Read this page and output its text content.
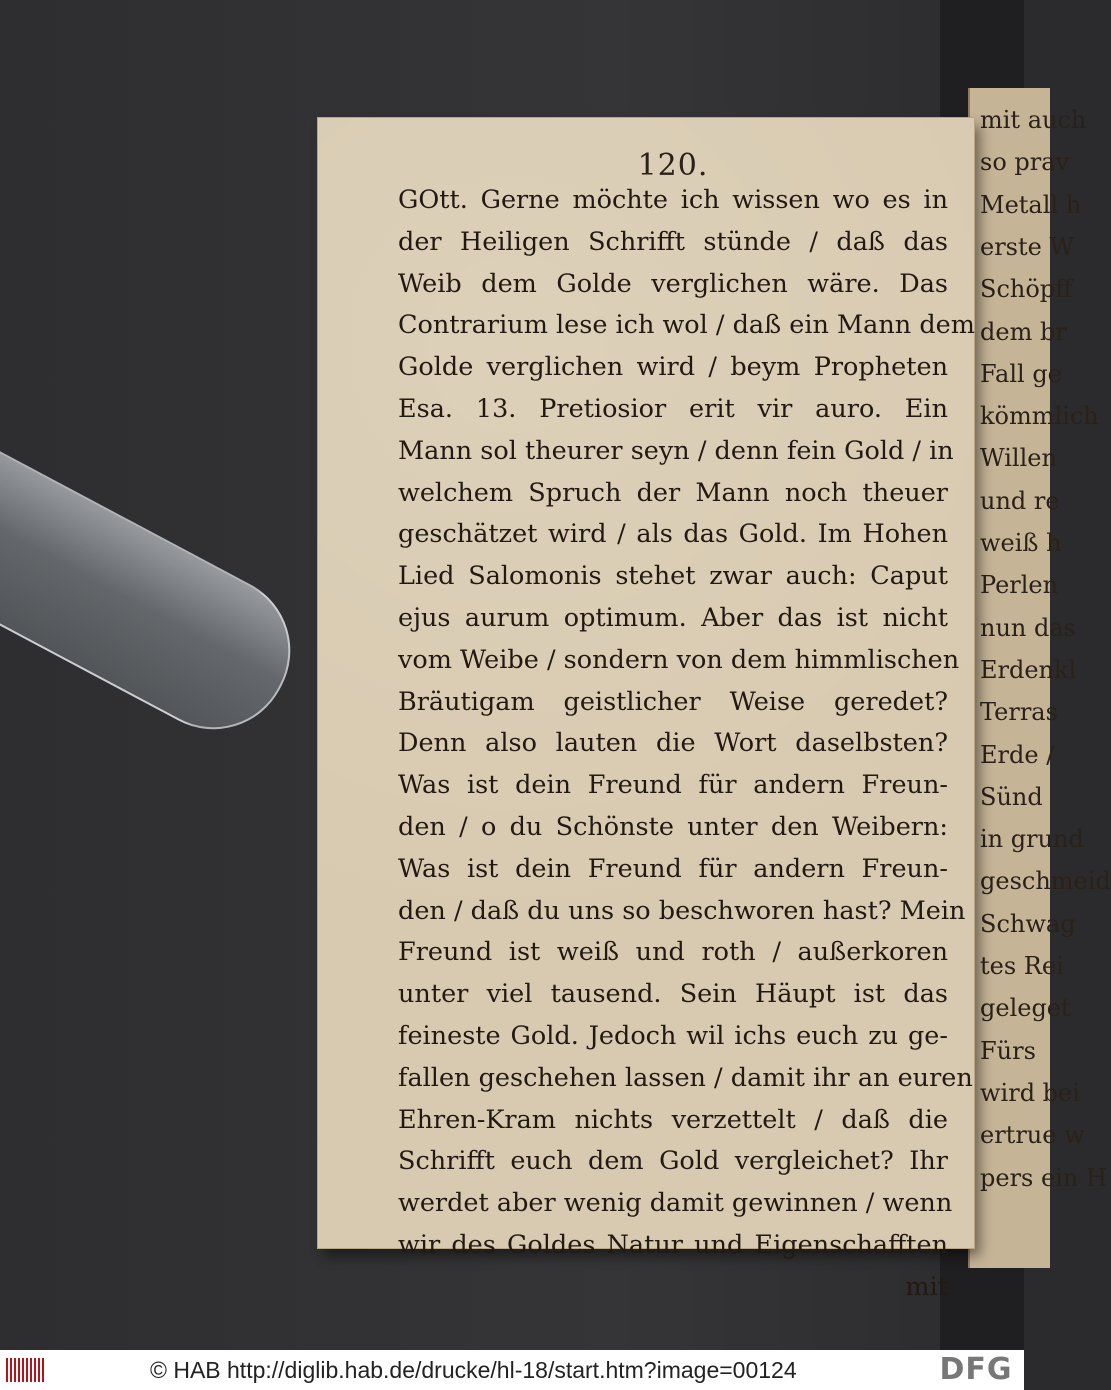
mit auch
so prav
Metall h
erste W
Schöpff
dem br
Fall ge
kömmlich
Willen
und re
weiß h
Perlen
nun das
Erdenkl
Terras
Erde /
Sünd
in grund
geschmeid
Schwag
tes Rei
geleget
Fürs
wird bei
ertrue w
pers ein H
120.
GOtt. Gerne möchte ich wissen wo es in
der Heiligen Schrifft stünde / daß das
Weib dem Golde verglichen wäre. Das
Contrarium lese ich wol / daß ein Mann dem
Golde verglichen wird / beym Propheten
Esa. 13. Pretiosior erit vir auro. Ein
Mann sol theurer seyn / denn fein Gold / in
welchem Spruch der Mann noch theuer
geschätzet wird / als das Gold. Im Hohen
Lied Salomonis stehet zwar auch: Caput
ejus aurum optimum. Aber das ist nicht
vom Weibe / sondern von dem himmlischen
Bräutigam geistlicher Weise geredet?
Denn also lauten die Wort daselbsten?
Was ist dein Freund für andern Freun-
den / o du Schönste unter den Weibern:
Was ist dein Freund für andern Freun-
den / daß du uns so beschworen hast? Mein
Freund ist weiß und roth / außerkoren
unter viel tausend. Sein Häupt ist das
feineste Gold. Jedoch wil ichs euch zu ge-
fallen geschehen lassen / damit ihr an euren
Ehren-Kram nichts verzettelt / daß die
Schrifft euch dem Gold vergleichet? Ihr
werdet aber wenig damit gewinnen / wenn
wir des Goldes Natur und Eigenschafften
mit
© HAB http://diglib.hab.de/drucke/hl-18/start.htm?image=00124	DFG
